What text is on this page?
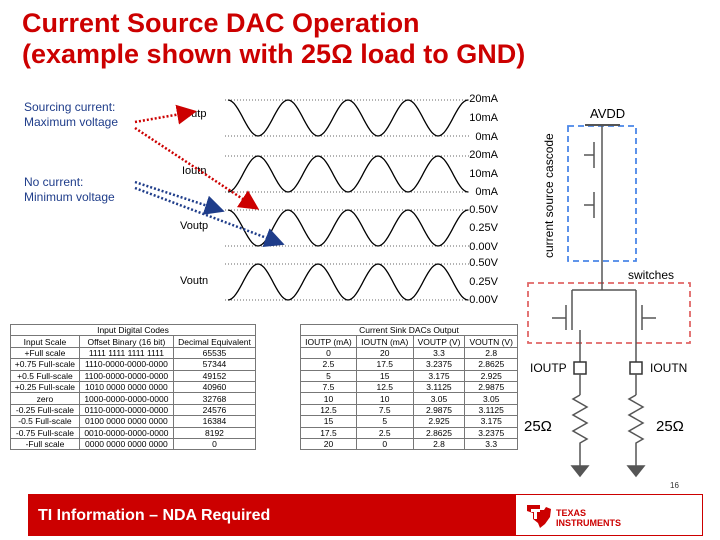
Current Source DAC Operation
(example shown with 25Ω load to GND)
Sourcing current:
Maximum voltage
No current:
Minimum voltage
Ioutp
Ioutn
Voutp
Voutn
20mA
10mA
0mA
20mA
10mA
0mA
0.50V
0.25V
0.00V
0.50V
0.25V
0.00V
AVDD
current source cascode
switches
IOUTP	IOUTN
25Ω	25Ω
Input Digital Codes		
Input Scale	Offset Binary (16 bit)	Decimal Equivalent
+Full scale	1111 1111 1111 1111	65535
+0.75 Full-scale	1110-0000-0000-0000	57344
+0.5 Full-scale	1100-0000-0000-0000	49152
+0.25 Full-scale	1010 0000 0000 0000	40960
zero	1000-0000-0000-0000	32768
-0.25 Full-scale	0110-0000-0000-0000	24576
-0.5 Full-scale	0100 0000 0000 0000	16384
-0.75 Full-scale	0010-0000-0000-0000	8192
-Full scale	0000 0000 0000 0000	0
Current Sink DACs Output			
IOUTP (mA)	IOUTN (mA)	VOUTP (V)	VOUTN (V)
0	20	3.3	2.8
2.5	17.5	3.2375	2.8625
5	15	3.175	2.925
7.5	12.5	3.1125	2.9875
10	10	3.05	3.05
12.5	7.5	2.9875	3.1125
15	5	2.925	3.175
17.5	2.5	2.8625	3.2375
20	0	2.8	3.3
16
TI Information – NDA Required	TEXAS
INSTRUMENTS
